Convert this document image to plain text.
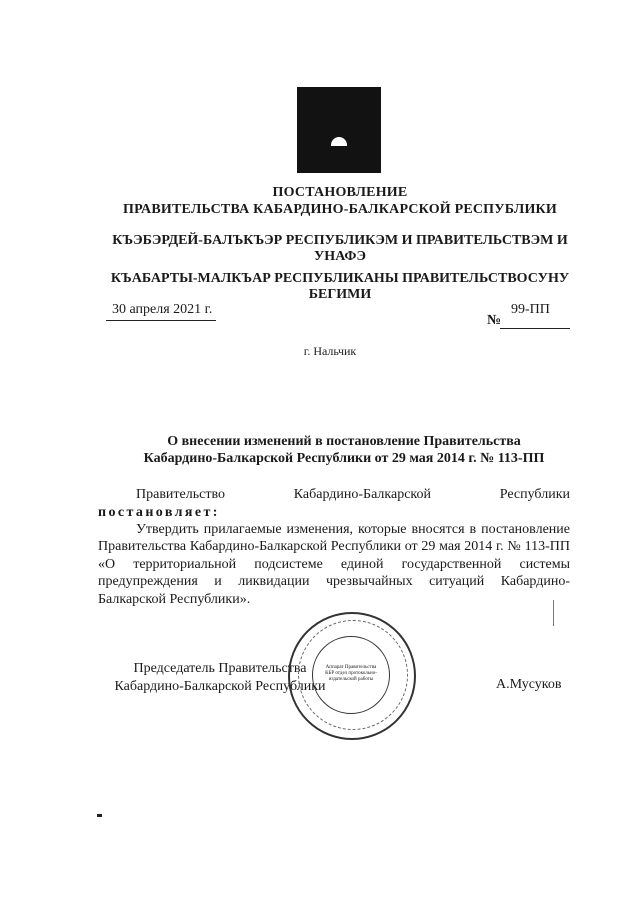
ПОСТАНОВЛЕНИЕ
ПРАВИТЕЛЬСТВА КАБАРДИНО-БАЛКАРСКОЙ РЕСПУБЛИКИ
КЪЭБЭРДЕЙ-БАЛЪКЪЭР РЕСПУБЛИКЭМ И ПРАВИТЕЛЬСТВЭМ И
УНАФЭ
КЪАБАРТЫ-МАЛКЪАР РЕСПУБЛИКАНЫ ПРАВИТЕЛЬСТВОСУНУ
БЕГИМИ
30 апреля 2021 г.
№
99-ПП
г. Нальчик
О внесении изменений в постановление Правительства
Кабардино-Балкарской Республики от 29 мая 2014 г. № 113-ПП
Правительство	Кабардино-Балкарской	Республики
постановляет:
Утвердить прилагаемые изменения, которые вносятся в постановление Правительства Кабардино-Балкарской Республики от 29 мая 2014 г. № 113-ПП «О территориальной подсистеме единой государственной системы предупреждения и ликвидации чрезвычайных ситуаций Кабардино-Балкарской Республики».
Председатель Правительства
Кабардино-Балкарской Республики
Аппарат Правительства КБР отдел протокольно-издательской работы	А.Мусуков
